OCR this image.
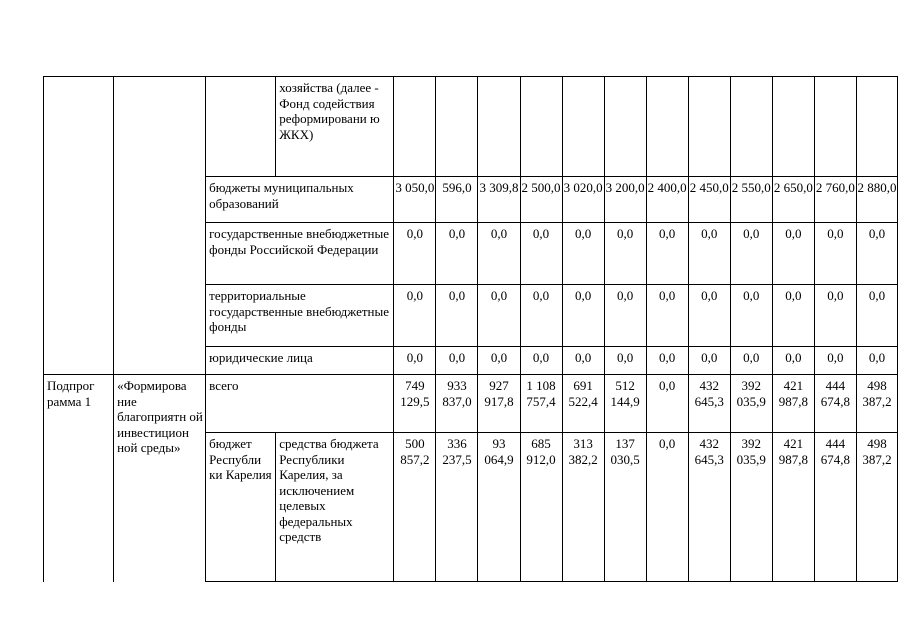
			хозяйства (далее - Фонд содействия реформировани ю ЖКХ)												
		бюджеты муниципальных образований		3 050,0	596,0	3 309,8	2 500,0	3 020,0	3 200,0	2 400,0	2 450,0	2 550,0	2 650,0	2 760,0	2 880,0
		государственные внебюджетные фонды Российской Федерации		0,0	0,0	0,0	0,0	0,0	0,0	0,0	0,0	0,0	0,0	0,0	0,0
		территориальные государственные внебюджетные фонды		0,0	0,0	0,0	0,0	0,0	0,0	0,0	0,0	0,0	0,0	0,0	0,0
		юридические лица		0,0	0,0	0,0	0,0	0,0	0,0	0,0	0,0	0,0	0,0	0,0	0,0
Подпрог рамма 1	«Формирова ние благоприятн ой инвестицион ной среды»	всего		749 129,5	933 837,0	927 917,8	1 108 757,4	691 522,4	512 144,9	0,0	432 645,3	392 035,9	421 987,8	444 674,8	498 387,2
		бюджет Республи ки Карелия	средства бюджета Республики Карелия, за исключением целевых федеральных средств	500 857,2	336 237,5	93 064,9	685 912,0	313 382,2	137 030,5	0,0	432 645,3	392 035,9	421 987,8	444 674,8	498 387,2
